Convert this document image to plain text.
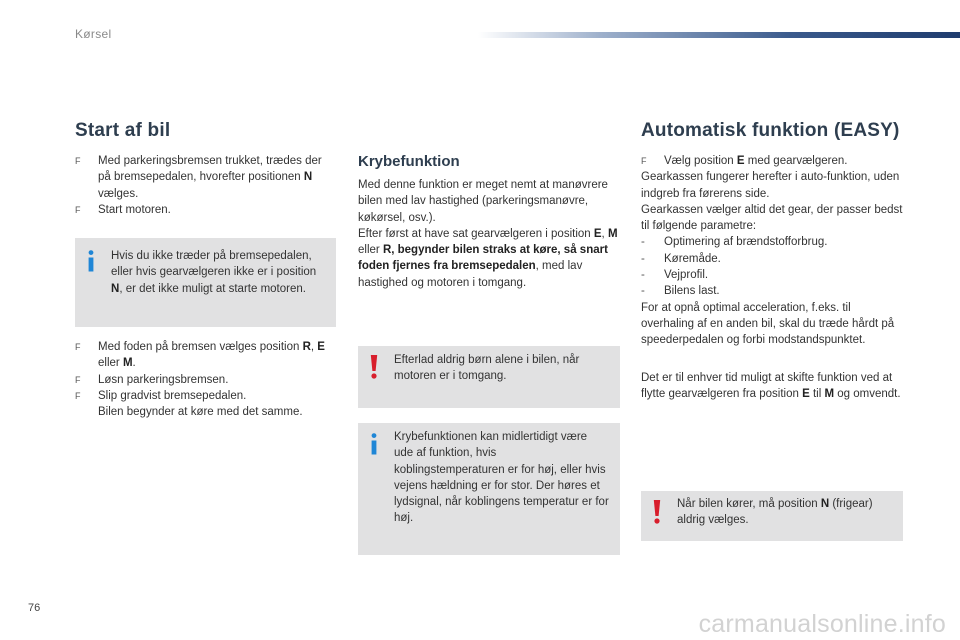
Kørsel
Start af bil
F Med parkeringsbremsen trukket, trædes der på bremsepedalen, hvorefter positionen N vælges.
F Start motoren.
Hvis du ikke træder på bremsepedalen, eller hvis gearvælgeren ikke er i position N, er det ikke muligt at starte motoren.
F Med foden på bremsen vælges position R, E eller M.
F Løsn parkeringsbremsen.
F Slip gradvist bremsepedalen.
Bilen begynder at køre med det samme.
Krybefunktion
Med denne funktion er meget nemt at manøvrere bilen med lav hastighed (parkeringsmanøvre, køkørsel, osv.).
Efter først at have sat gearvælgeren i position E, M eller R, begynder bilen straks at køre, så snart foden fjernes fra bremsepedalen, med lav hastighed og motoren i tomgang.
Efterlad aldrig børn alene i bilen, når motoren er i tomgang.
Krybefunktionen kan midlertidigt være ude af funktion, hvis koblingstemperaturen er for høj, eller hvis vejens hældning er for stor. Der høres et lydsignal, når koblingens temperatur er for høj.
Automatisk funktion (EASY)
F Vælg position E med gearvælgeren.
Gearkassen fungerer herefter i auto-funktion, uden indgreb fra førerens side.
Gearkassen vælger altid det gear, der passer bedst til følgende parametre:
- Optimering af brændstofforbrug.
- Køremåde.
- Vejprofil.
- Bilens last.
For at opnå optimal acceleration, f.eks. til overhaling af en anden bil, skal du træde hårdt på speederpedalen og forbi modstandspunktet.
Det er til enhver tid muligt at skifte funktion ved at flytte gearvælgeren fra position E til M og omvendt.
Når bilen kører, må position N (frigear) aldrig vælges.
76
carmanualsonline.info
